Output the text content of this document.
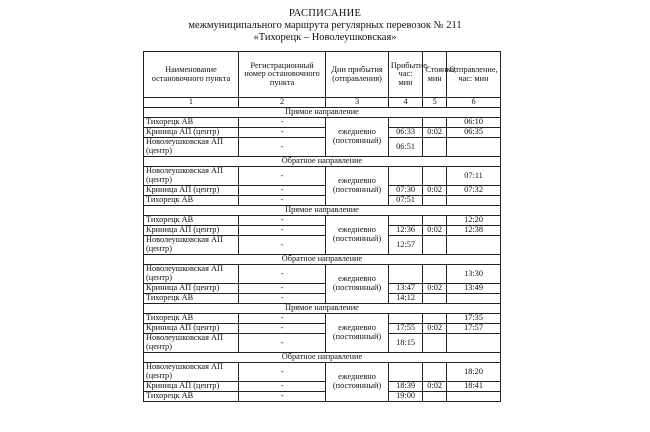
РАСПИСАНИЕ
межмуниципального маршрута регулярных перевозок № 211
«Тихорецк – Новолеушковская»
Наименование остановочного пункта	Регистрационный номер остановочного пункта	Дни прибытия (отправления)	Прибытие, час: мин	Стоянка, мин	Отправление, час: мин
1	2	3	4	5	6
Прямое направление					
Тихорецк АВ	-	ежедневно (постоянный)			06:10
Криница АП (центр)	-		06:33	0:02	06:35
Новолеушковская АП (центр)	-		06:51		
Обратное направление					
Новолеушковская АП (центр)	-	ежедневно (постоянный)			07:11
Криница АП (центр)	-		07:30	0:02	07:32
Тихорецк АВ	-		07:51		
Прямое направление					
Тихорецк АВ	-	ежедневно (постоянный)			12:20
Криница АП (центр)	-		12:36	0:02	12:38
Новолеушковская АП (центр)	-		12:57		
Обратное направление					
Новолеушковская АП (центр)	-	ежедневно (постоянный)			13:30
Криница АП (центр)	-		13:47	0:02	13:49
Тихорецк АВ	-		14:12		
Прямое направление					
Тихорецк АВ	-	ежедневно (постоянный)			17:35
Криница АП (центр)	-		17:55	0:02	17:57
Новолеушковская АП (центр)	-		18:15		
Обратное направление					
Новолеушковская АП (центр)	-	ежедневно (постоянный)			18:20
Криница АП (центр)	-		18:39	0:02	18:41
Тихорецк АВ	-		19:00		
